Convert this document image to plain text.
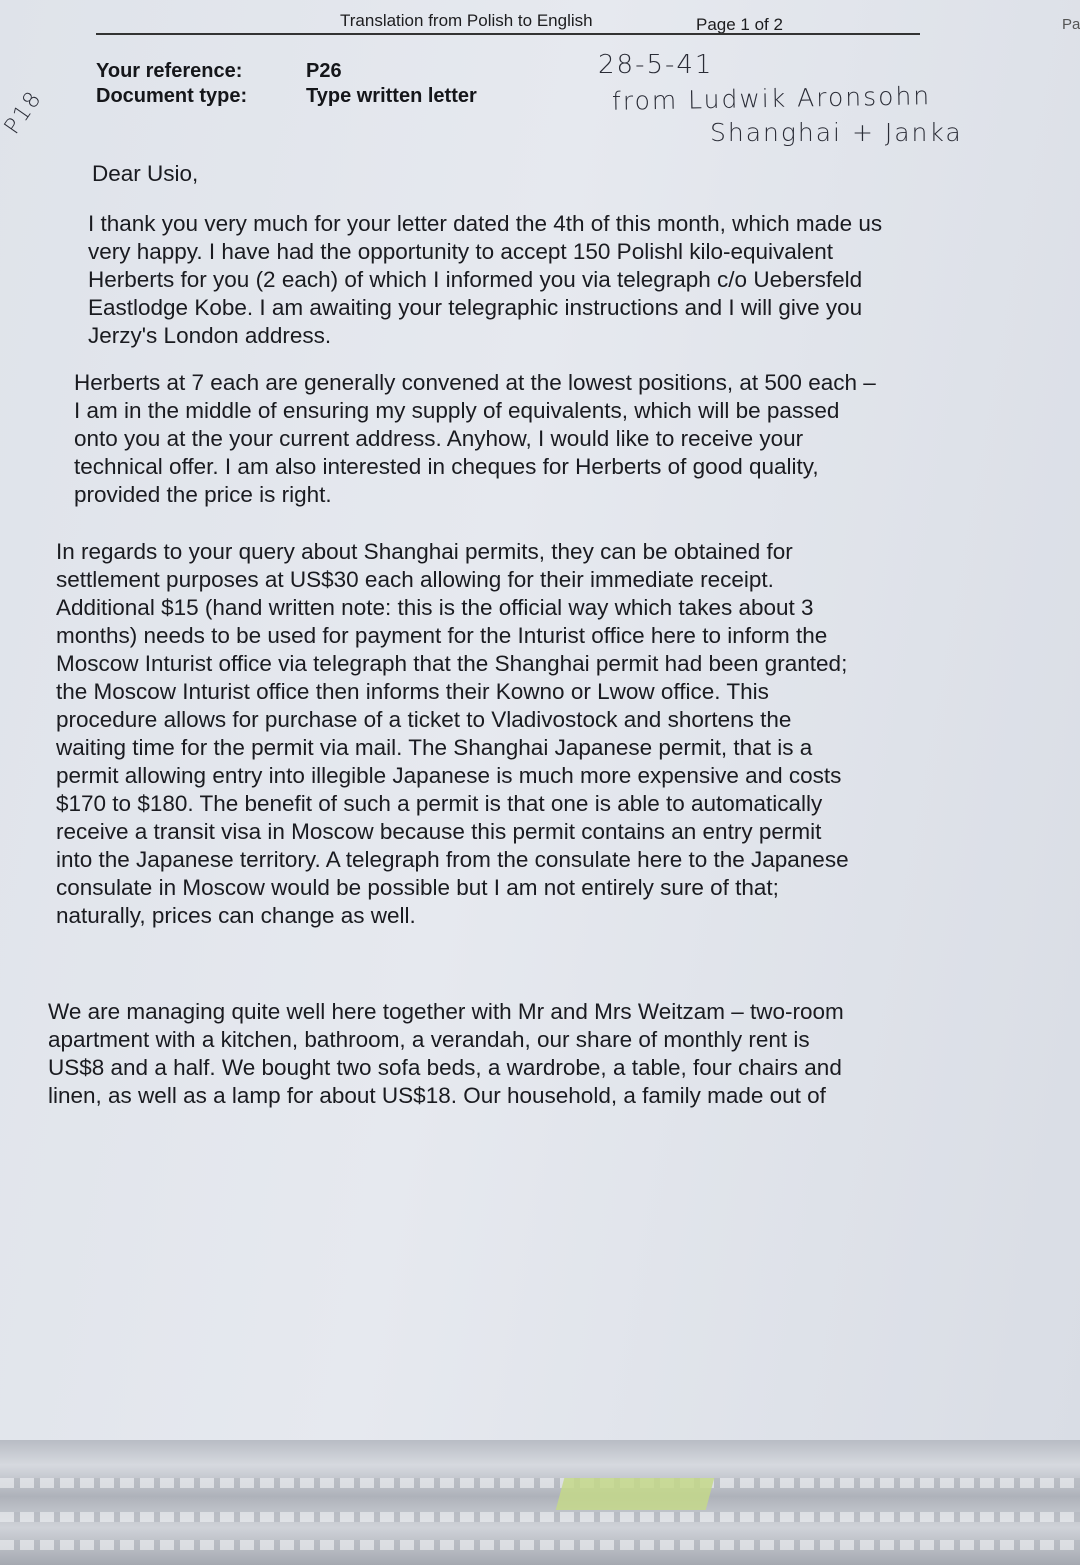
Translation from Polish to English	Page 1 of 2	Pa
Your reference:	P26
Document type:	Type written letter
28-5-41
from Ludwik Aronsohn
Shanghai + Janka
P18
Dear Usio,
I thank you very much for your letter dated the 4th of this month, which made us
very happy. I have had the opportunity to accept 150 Polishl kilo-equivalent
Herberts for you (2 each) of which I informed you via telegraph c/o Uebersfeld
Eastlodge Kobe. I am awaiting your telegraphic instructions and I will give you
Jerzy's London address.
Herberts at 7 each are generally convened at the lowest positions, at 500 each –
I am in the middle of ensuring my supply of equivalents, which will be passed
onto you at the your current address. Anyhow, I would like to receive your
technical offer. I am also interested in cheques for Herberts of good quality,
provided the price is right.
In regards to your query about Shanghai permits, they can be obtained for
settlement purposes at US$30 each allowing for their immediate receipt.
Additional $15 (hand written note: this is the official way which takes about 3
months) needs to be used for payment for the Inturist office here to inform the
Moscow Inturist office via telegraph that the Shanghai permit had been granted;
the Moscow Inturist office then informs their Kowno or Lwow office. This
procedure allows for purchase of a ticket to Vladivostock and shortens the
waiting time for the permit via mail. The Shanghai Japanese permit, that is a
permit allowing entry into illegible Japanese is much more expensive and costs
$170 to $180. The benefit of such a permit is that one is able to automatically
receive a transit visa in Moscow because this permit contains an entry permit
into the Japanese territory. A telegraph from the consulate here to the Japanese
consulate in Moscow would be possible but I am not entirely sure of that;
naturally, prices can change as well.
We are managing quite well here together with Mr and Mrs Weitzam – two-room
apartment with a kitchen, bathroom, a verandah, our share of monthly rent is
US$8 and a half. We bought two sofa beds, a wardrobe, a table, four chairs and
linen, as well as a lamp for about US$18. Our household, a family made out of
